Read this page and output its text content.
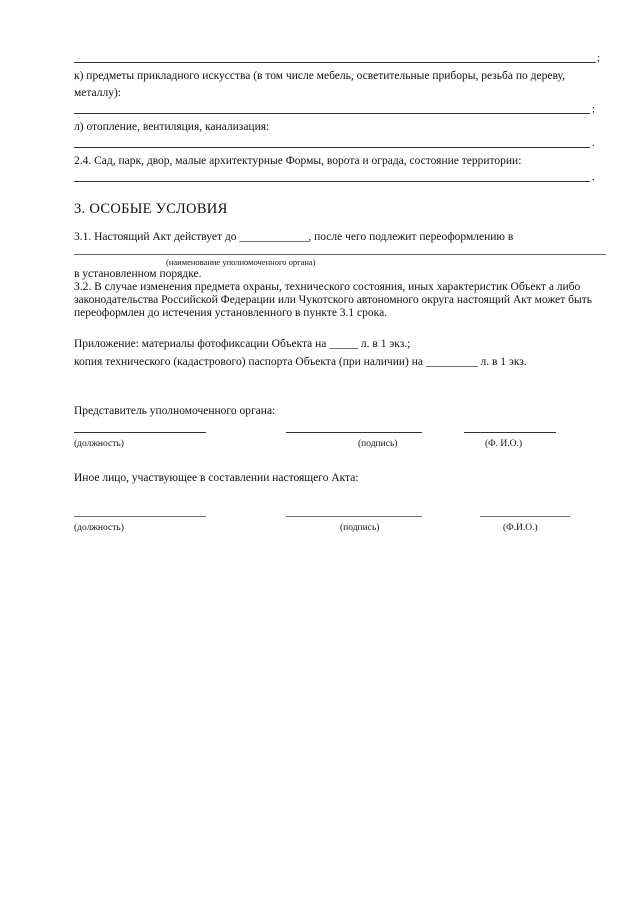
;
к) предметы прикладного искусства (в том числе мебель, осветительные приборы, резьба по дереву,
металлу):
;
л) отопление, вентиляция, канализация:
.
2.4. Сад, парк, двор, малые архитектурные Формы, ворота и ограда, состояние территории:
.
3. ОСОБЫЕ УСЛОВИЯ
3.1. Настоящий Акт действует до ____________, после чего подлежит переоформлению в
(наименование уполномоченного органа)
в установленном порядке.
3.2. В случае изменения предмета охраны, технического состояния, иных характеристик Объект а либо
законодательства Российской Федерации или Чукотского автономного округа настоящий Акт может быть
переоформлен до истечения установленного в пункте 3.1 срока.
Приложение: материалы фотофиксации Объекта на _____ л. в 1 экз.;
копия технического (кадастрового) паспорта Объекта (при наличии) на _________ л. в 1 экз.
Представитель уполномоченного органа:
(должность)	(подпись)	(Ф. И.О.)
Иное лицо, участвующее в составлении настоящего Акта:
(должность)	(подпись)	(Ф.И.О.)
